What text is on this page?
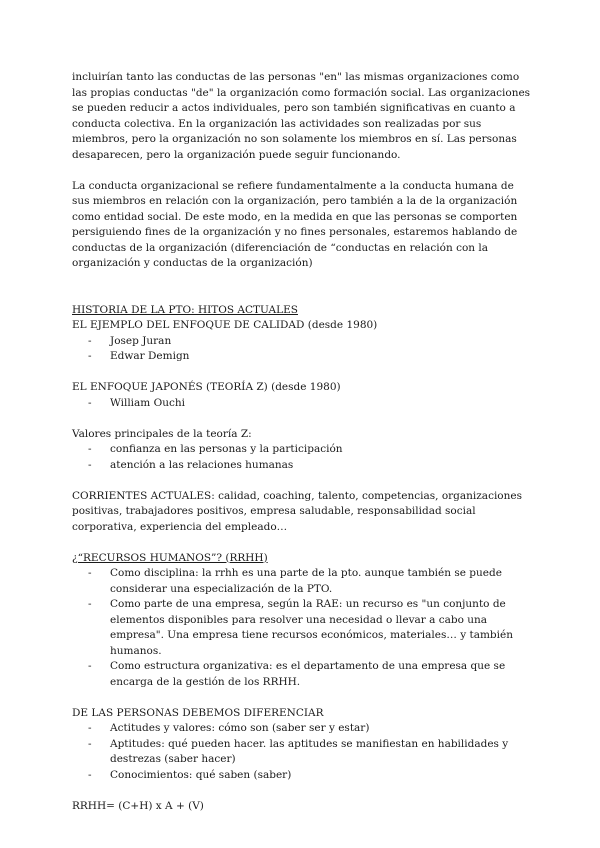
incluirían tanto las conductas de las personas "en" las mismas organizaciones como las propias conductas "de" la organización como formación social. Las organizaciones se pueden reducir a actos individuales, pero son también significativas en cuanto a conducta colectiva. En la organización las actividades son realizadas por sus miembros, pero la organización no son solamente los miembros en sí. Las personas desaparecen, pero la organización puede seguir funcionando.

La conducta organizacional se refiere fundamentalmente a la conducta humana de sus miembros en relación con la organización, pero también a la de la organización como entidad social. De este modo, en la medida en que las personas se comporten persiguiendo fines de la organización y no fines personales, estaremos hablando de conductas de la organización (diferenciación de “conductas en relación con la organización y conductas de la organización)

HISTORIA DE LA PTO: HITOS ACTUALES

EL EJEMPLO DEL ENFOQUE DE CALIDAD (desde 1980)

- Josep Juran
- Edwar Demign

EL ENFOQUE JAPONÉS (TEORÍA Z) (desde 1980)

- William Ouchi

Valores principales de la teoría Z:

- confianza en las personas y la participación
- atención a las relaciones humanas

CORRIENTES ACTUALES: calidad, coaching, talento, competencias, organizaciones positivas, trabajadores positivos, empresa saludable, responsabilidad social corporativa, experiencia del empleado…

¿“RECURSOS HUMANOS”? (RRHH)

- Como disciplina: la rrhh es una parte de la pto. aunque también se puede considerar una especialización de la PTO.
- Como parte de una empresa, según la RAE: un recurso es "un conjunto de elementos disponibles para resolver una necesidad o llevar a cabo una empresa". Una empresa tiene recursos económicos, materiales… y también humanos.
- Como estructura organizativa: es el departamento de una empresa que se encarga de la gestión de los RRHH.

DE LAS PERSONAS DEBEMOS DIFERENCIAR

- Actitudes y valores: cómo son (saber ser y estar)
- Aptitudes: qué pueden hacer. las aptitudes se manifiestan en habilidades y destrezas (saber hacer)
- Conocimientos: qué saben (saber)

RRHH= (C+H) x A + (V)
